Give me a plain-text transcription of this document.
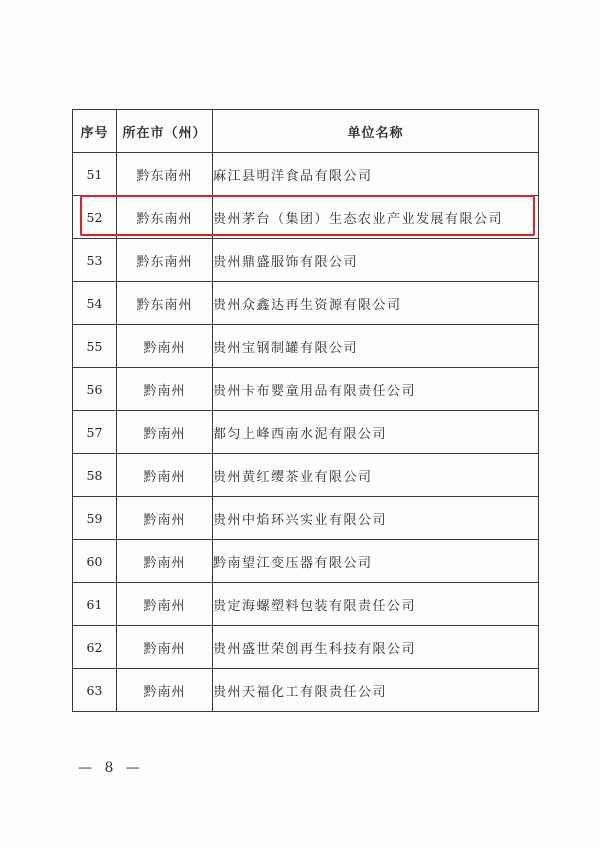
序号	所在市（州）	单位名称
51	黔东南州	麻江县明洋食品有限公司
52	黔东南州	贵州茅台（集团）生态农业产业发展有限公司
53	黔东南州	贵州鼎盛服饰有限公司
54	黔东南州	贵州众鑫达再生资源有限公司
55	黔南州	贵州宝钢制罐有限公司
56	黔南州	贵州卡布婴童用品有限责任公司
57	黔南州	都匀上峰西南水泥有限公司
58	黔南州	贵州黄红缨茶业有限公司
59	黔南州	贵州中焰环兴实业有限公司
60	黔南州	黔南望江变压器有限公司
61	黔南州	贵定海螺塑料包装有限责任公司
62	黔南州	贵州盛世荣创再生科技有限公司
63	黔南州	贵州天福化工有限责任公司
— 8 —
